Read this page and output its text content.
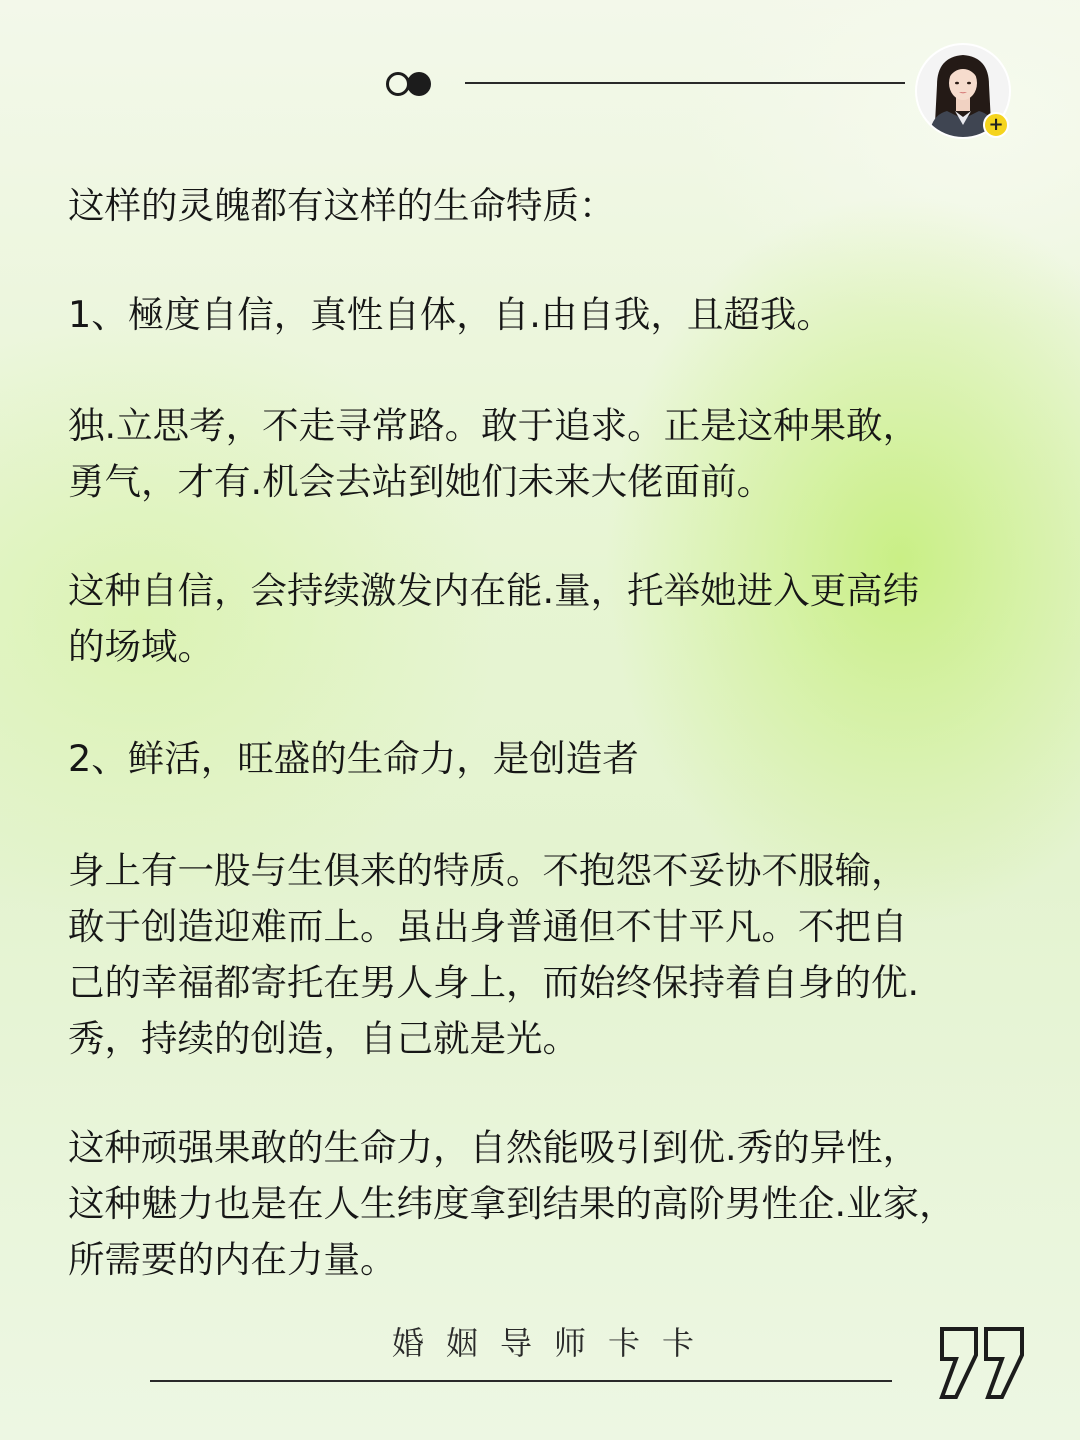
+

这样的灵魄都有这样的生命特质：

1、極度自信，真性自体，自.由自我，且超我。

独.立思考，不走寻常路。敢于追求。正是这种果敢，
勇气，才有.机会去站到她们未来大佬面前。

这种自信，会持续激发内在能.量，托举她进入更高纬
的场域。

2、鲜活，旺盛的生命力，是创造者

身上有一股与生俱来的特质。不抱怨不妥协不服输，
敢于创造迎难而上。虽出身普通但不甘平凡。不把自
己的幸福都寄托在男人身上，而始终保持着自身的优.
秀，持续的创造，自己就是光。

这种顽强果敢的生命力，自然能吸引到优.秀的异性，
这种魅力也是在人生纬度拿到结果的高阶男性企.业家，
所需要的内在力量。

婚姻导师卡卡
